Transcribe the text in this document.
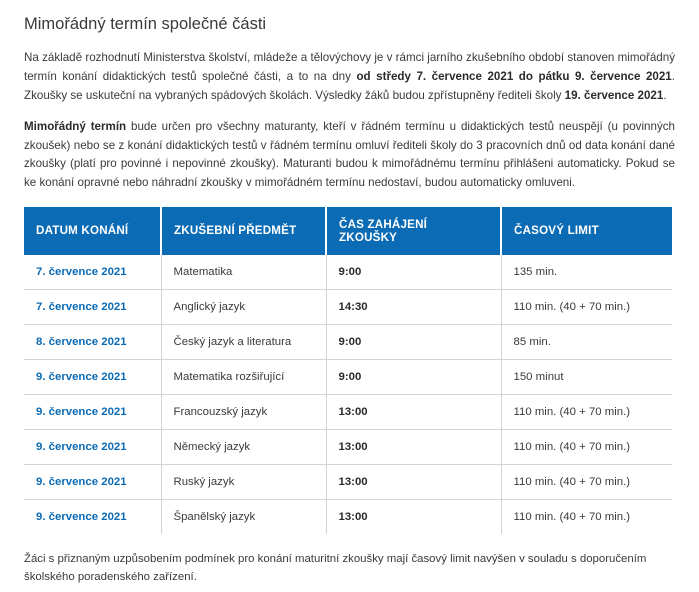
Mimořádný termín společné části

Na základě rozhodnutí Ministerstva školství, mládeže a tělovýchovy je v rámci jarního zkušebního období stanoven mimořádný termín konání didaktických testů společné části, a to na dny od středy 7. července 2021 do pátku 9. července 2021. Zkoušky se uskuteční na vybraných spádových školách. Výsledky žáků budou zpřístupněny řediteli školy 19. července 2021.

Mimořádný termín bude určen pro všechny maturanty, kteří v řádném termínu u didaktických testů neuspějí (u povinných zkoušek) nebo se z konání didaktických testů v řádném termínu omluví řediteli školy do 3 pracovních dnů od data konání dané zkoušky (platí pro povinné i nepovinné zkoušky). Maturanti budou k mimořádnému termínu přihlášeni automaticky. Pokud se ke konání opravné nebo náhradní zkoušky v mimořádném termínu nedostaví, budou automaticky omluveni.

DATUM KONÁNÍ	ZKUŠEBNÍ PŘEDMĚT	ČAS ZAHÁJENÍ ZKOUŠKY	ČASOVÝ LIMIT
7. července 2021	Matematika	9:00	135 min.
7. července 2021	Anglický jazyk	14:30	110 min. (40 + 70 min.)
8. července 2021	Český jazyk a literatura	9:00	85 min.
9. července 2021	Matematika rozšiřující	9:00	150 minut
9. července 2021	Francouzský jazyk	13:00	110 min. (40 + 70 min.)
9. července 2021	Německý jazyk	13:00	110 min. (40 + 70 min.)
9. července 2021	Ruský jazyk	13:00	110 min. (40 + 70 min.)
9. července 2021	Španělský jazyk	13:00	110 min. (40 + 70 min.)

Žáci s přiznaným uzpůsobením podmínek pro konání maturitní zkoušky mají časový limit navýšen v souladu s doporučením školského poradenského zařízení.
